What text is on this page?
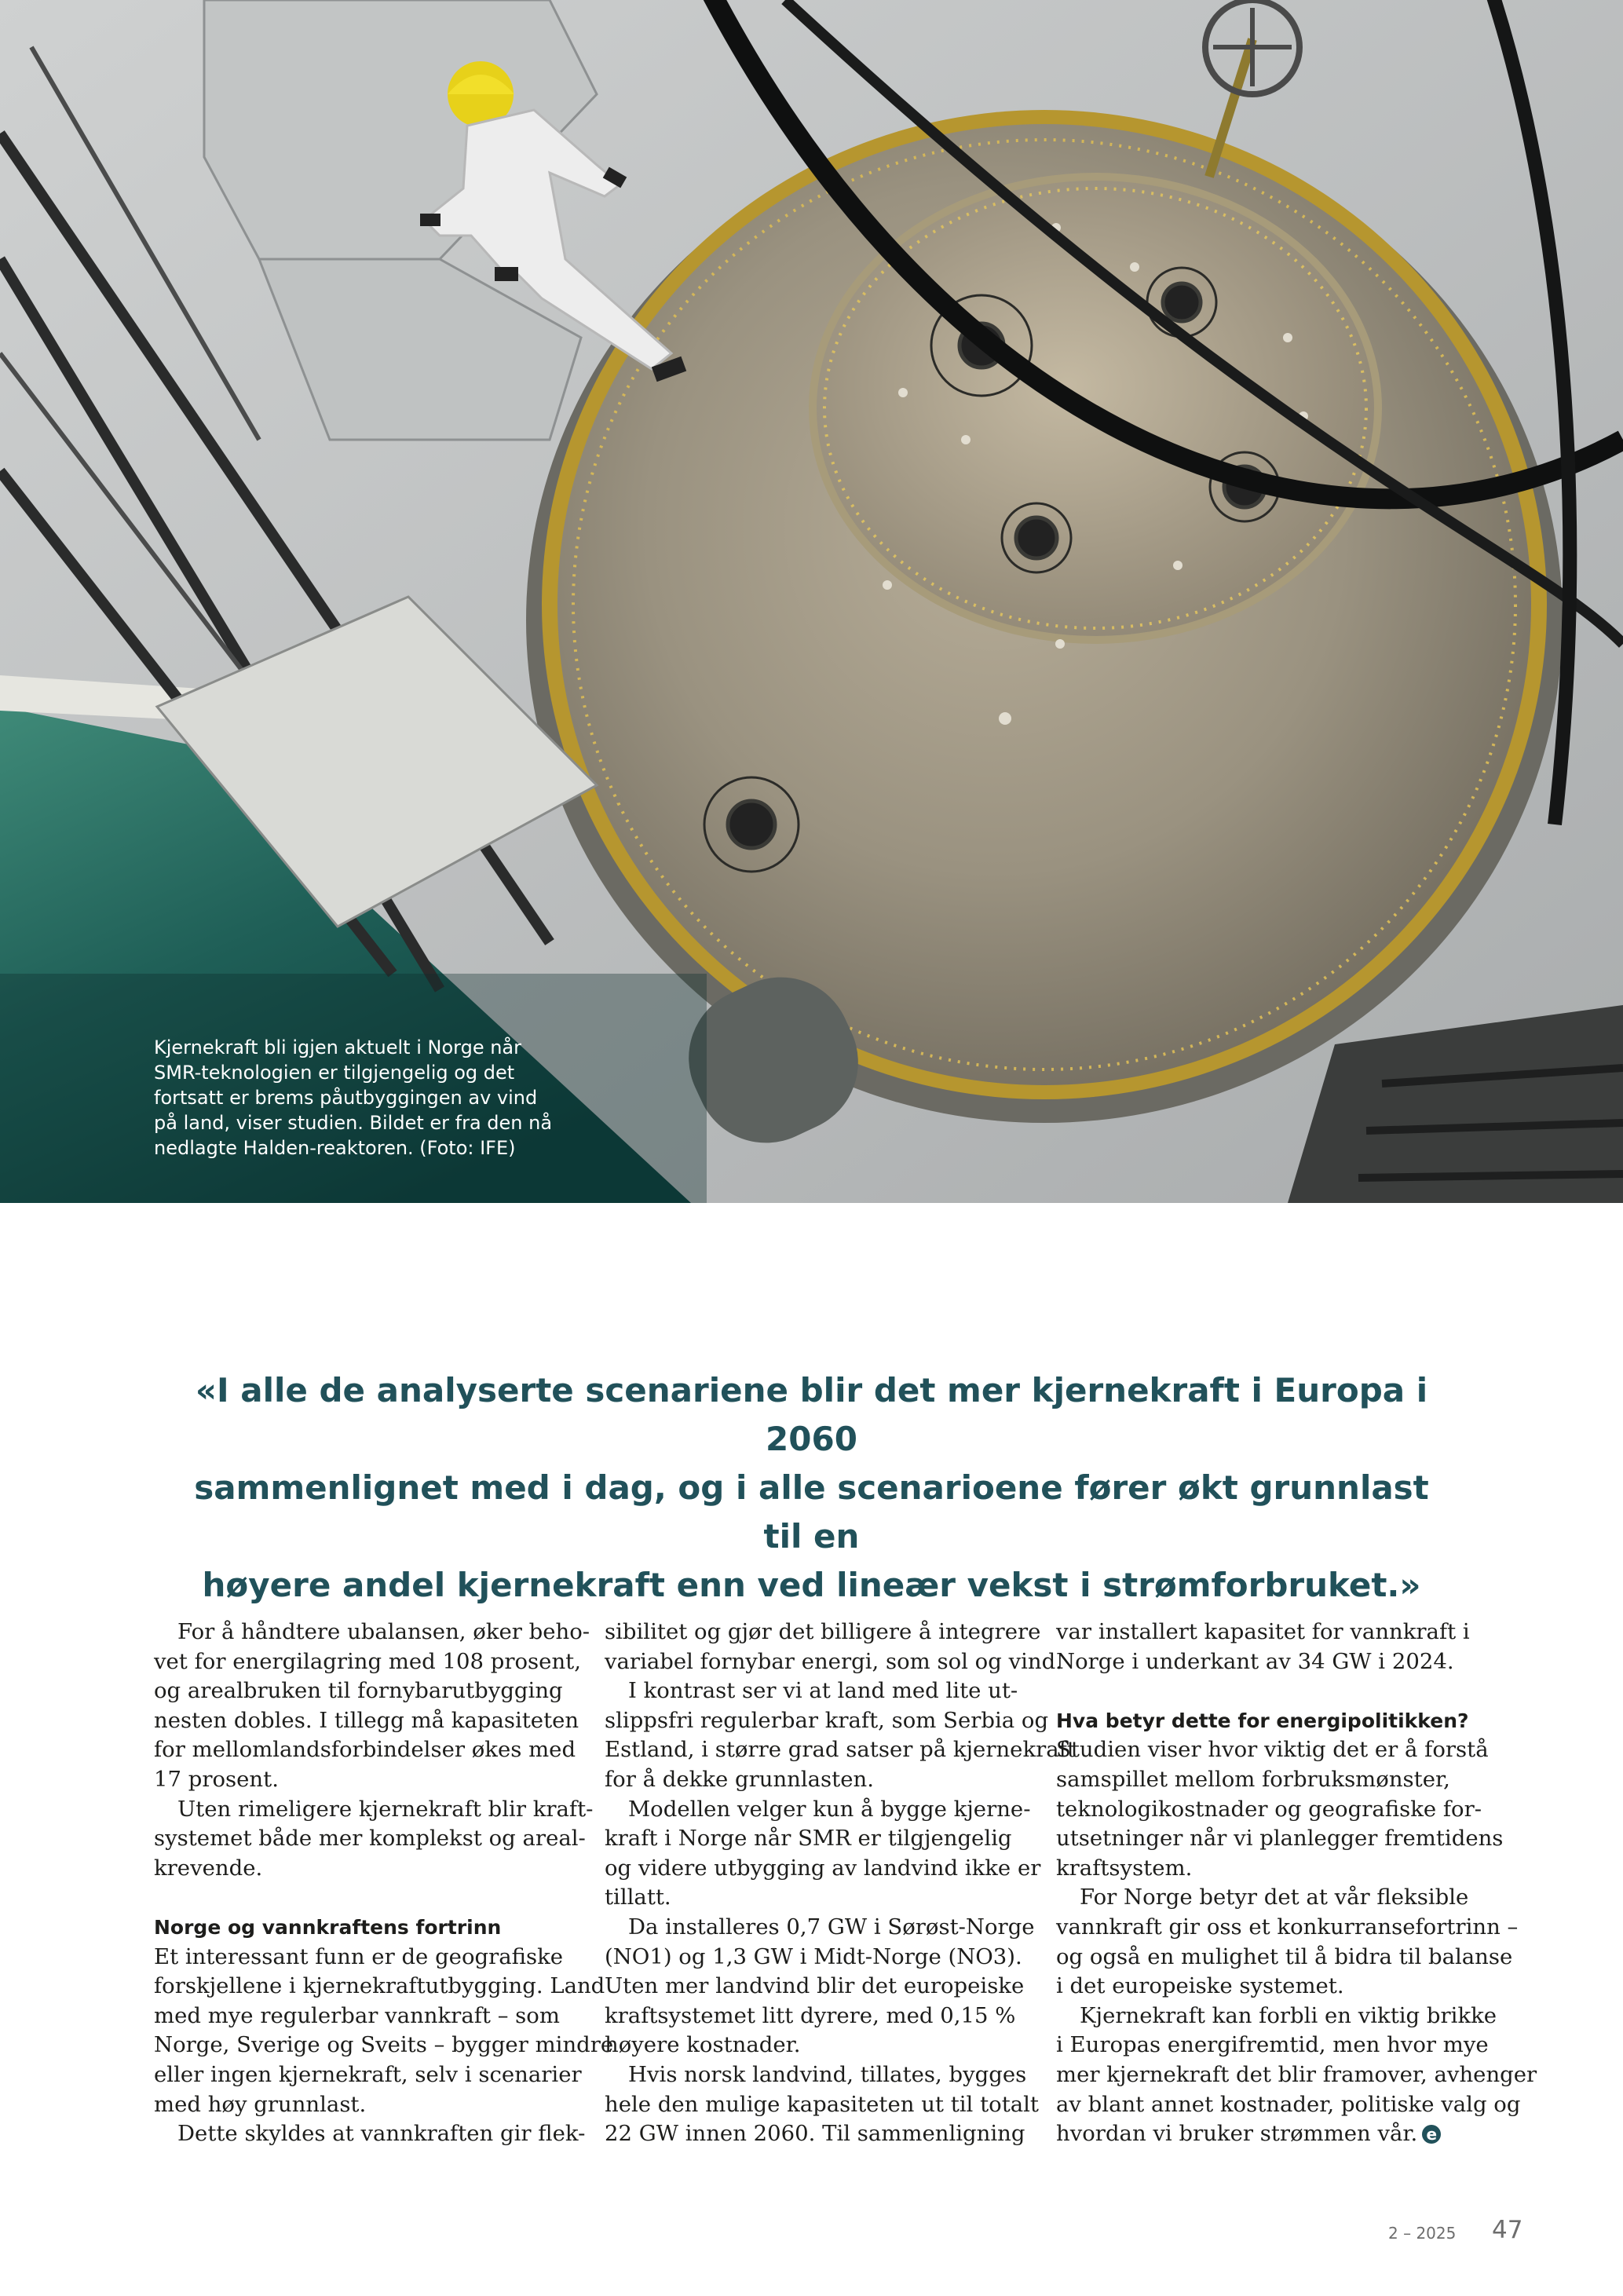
Kjernekraft bli igjen aktuelt i Norge når
SMR-teknologien er tilgjengelig og det
fortsatt er brems påutbyggingen av vind
på land, viser studien. Bildet er fra den nå
nedlagte Halden-reaktoren. (Foto: IFE)
«I alle de analyserte scenariene blir det mer kjernekraft i Europa i 2060
sammenlignet med i dag, og i alle scenarioene fører økt grunnlast til en
høyere andel kjernekraft enn ved lineær vekst i strømforbruket.»
For å håndtere ubalansen, øker beho-
vet for energilagring med 108 prosent,
og arealbruken til fornybarutbygging
nesten dobles. I tillegg må kapasiteten
for mellomlandsforbindelser økes med
17 prosent.
Uten rimeligere kjernekraft blir kraft-
systemet både mer komplekst og areal-
krevende.
Norge og vannkraftens fortrinn
Et interessant funn er de geografiske
forskjellene i kjernekraftutbygging. Land
med mye regulerbar vannkraft – som
Norge, Sverige og Sveits – bygger mindre
eller ingen kjernekraft, selv i scenarier
med høy grunnlast.
Dette skyldes at vannkraften gir flek-
sibilitet og gjør det billigere å integrere
variabel fornybar energi, som sol og vind.
I kontrast ser vi at land med lite ut-
slippsfri regulerbar kraft, som Serbia og
Estland, i større grad satser på kjernekraft
for å dekke grunnlasten.
Modellen velger kun å bygge kjerne-
kraft i Norge når SMR er tilgjengelig
og videre utbygging av landvind ikke er
tillatt.
Da installeres 0,7 GW i Sørøst-Norge
(NO1) og 1,3 GW i Midt-Norge (NO3).
Uten mer landvind blir det europeiske
kraftsystemet litt dyrere, med 0,15 %
høyere kostnader.
Hvis norsk landvind, tillates, bygges
hele den mulige kapasiteten ut til totalt
22 GW innen 2060. Til sammenligning
var installert kapasitet for vannkraft i
Norge i underkant av 34 GW i 2024.
Hva betyr dette for energipolitikken?
Studien viser hvor viktig det er å forstå
samspillet mellom forbruksmønster,
teknologikostnader og geografiske for-
utsetninger når vi planlegger fremtidens
kraftsystem.
For Norge betyr det at vår fleksible
vannkraft gir oss et konkurransefortrinn –
og også en mulighet til å bidra til balanse
i det europeiske systemet.
Kjernekraft kan forbli en viktig brikke
i Europas energifremtid, men hvor mye
mer kjernekraft det blir framover, avhenger
av blant annet kostnader, politiske valg og
hvordan vi bruker strømmen vår. e
2 – 2025 47
